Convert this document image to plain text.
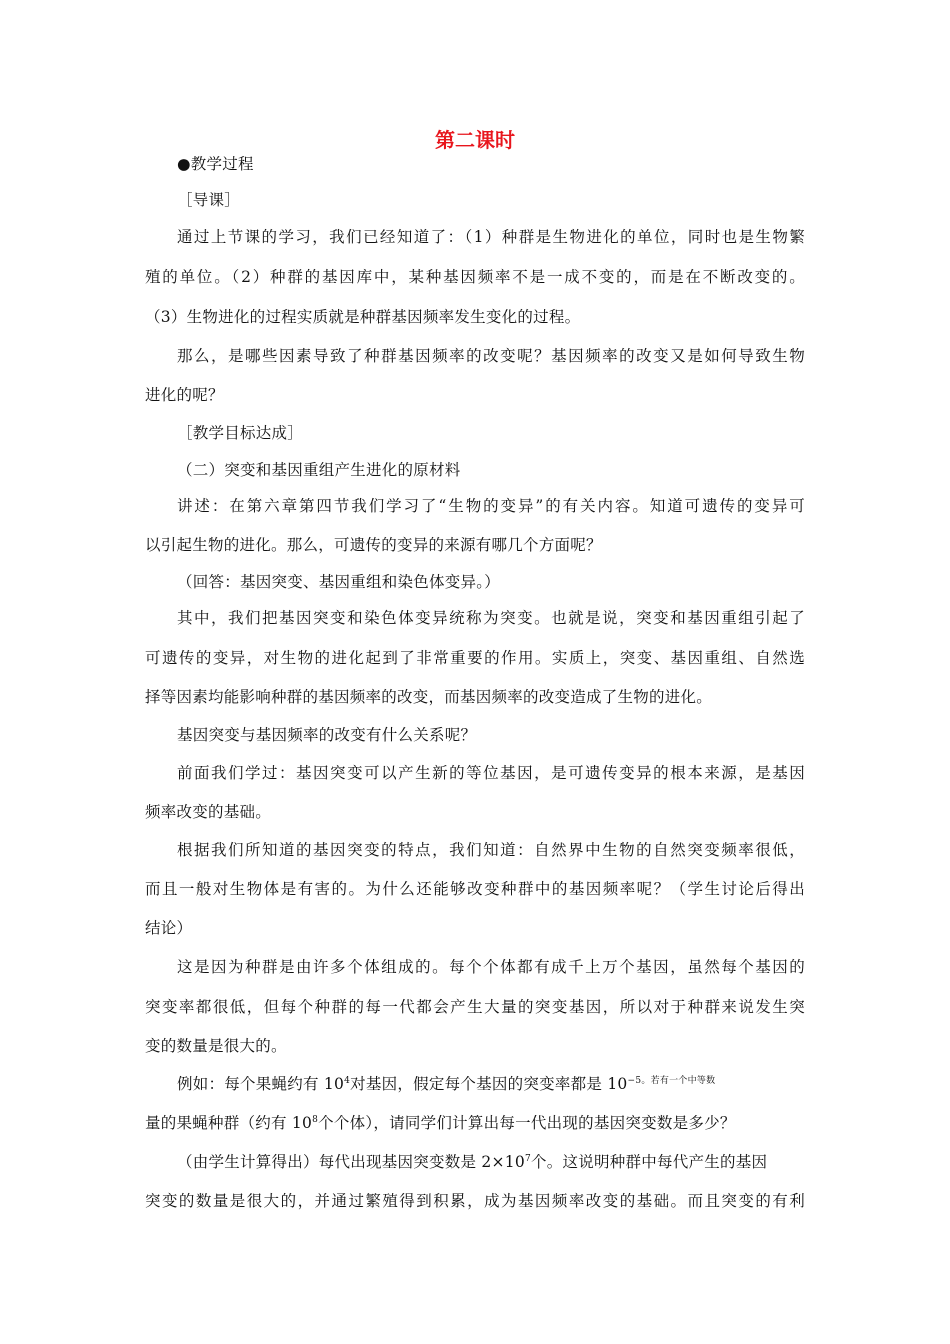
第二课时
●教学过程
［导课］
通过上节课的学习，我们已经知道了：（1）种群是生物进化的单位，同时也是生物繁
殖的单位。（2）种群的基因库中，某种基因频率不是一成不变的，而是在不断改变的。
（3）生物进化的过程实质就是种群基因频率发生变化的过程。
那么，是哪些因素导致了种群基因频率的改变呢？基因频率的改变又是如何导致生物
进化的呢？
［教学目标达成］
（二）突变和基因重组产生进化的原材料
讲述：在第六章第四节我们学习了“生物的变异”的有关内容。知道可遗传的变异可
以引起生物的进化。那么，可遗传的变异的来源有哪几个方面呢？
（回答：基因突变、基因重组和染色体变异。）
其中，我们把基因突变和染色体变异统称为突变。也就是说，突变和基因重组引起了
可遗传的变异，对生物的进化起到了非常重要的作用。实质上，突变、基因重组、自然选
择等因素均能影响种群的基因频率的改变，而基因频率的改变造成了生物的进化。
基因突变与基因频率的改变有什么关系呢？
前面我们学过：基因突变可以产生新的等位基因，是可遗传变异的根本来源，是基因
频率改变的基础。
根据我们所知道的基因突变的特点，我们知道：自然界中生物的自然突变频率很低，
而且一般对生物体是有害的。为什么还能够改变种群中的基因频率呢？（学生讨论后得出
结论）
这是因为种群是由许多个体组成的。每个个体都有成千上万个基因，虽然每个基因的
突变率都很低，但每个种群的每一代都会产生大量的突变基因，所以对于种群来说发生突
变的数量是很大的。
例如：每个果蝇约有 $10^4$对基因，假定每个基因的突变率都是 $10^{-5。若有一个中等数}$
量的果蝇种群（约有 $10^8$个个体），请同学们计算出每一代出现的基因突变数是多少？
（由学生计算得出）每代出现基因突变数是 $2\times 10^7$个。这说明种群中每代产生的基因
突变的数量是很大的，并通过繁殖得到积累，成为基因频率改变的基础。而且突变的有利
